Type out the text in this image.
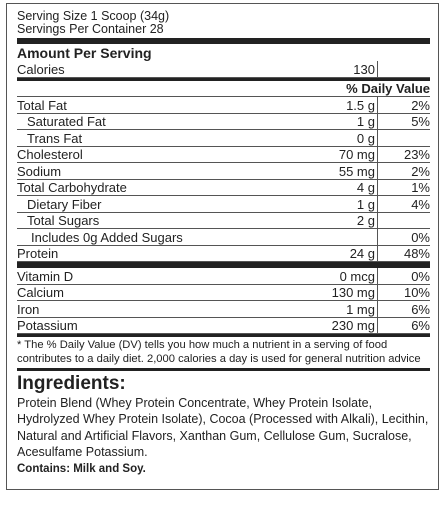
Serving Size 1 Scoop (34g)
Servings Per Container 28
Amount Per Serving
Calories	130	
	% Daily Value	
Total Fat	1.5 g	2%
Saturated Fat	1 g	5%
Trans Fat	0 g	
Cholesterol	70 mg	23%
Sodium	55 mg	2%
Total Carbohydrate	4 g	1%
Dietary Fiber	1 g	4%
Total Sugars	2 g	
Includes 0g Added Sugars		0%
Protein	24 g	48%
Vitamin D	0 mcg	0%
Calcium	130 mg	10%
Iron	1 mg	6%
Potassium	230 mg	6%
* The % Daily Value (DV) tells you how much a nutrient in a serving of food contributes to a daily diet. 2,000 calories a day is used for general nutrition advice
Ingredients:
Protein Blend (Whey Protein Concentrate, Whey Protein Isolate, Hydrolyzed Whey Protein Isolate), Cocoa (Processed with Alkali), Lecithin, Natural and Artificial Flavors, Xanthan Gum, Cellulose Gum, Sucralose, Acesulfame Potassium.
Contains: Milk and Soy.
